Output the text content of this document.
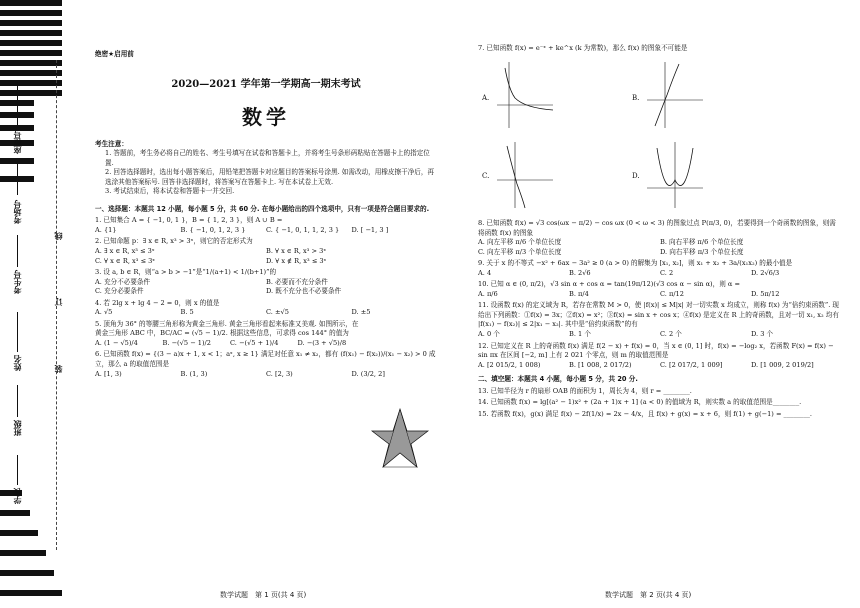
座位号
考场号
考生号
姓名
班级
学校
线
订
装
绝密★启用前
2020—2021 学年第一学期高一期末考试
数学
考生注意：
1. 答题前，考生务必将自己的姓名、考生号填写在试卷和答题卡上，并将考生号条形码粘贴在答题卡上的指定位置.
2. 回答选择题时，选出每小题答案后，用铅笔把答题卡对应题目的答案标号涂黑. 如需改动，用橡皮擦干净后，再选涂其他答案标号. 回答非选择题时，将答案写在答题卡上. 写在本试卷上无效.
3. 考试结束后，将本试卷和答题卡一并交回.
一、选择题：本题共 12 小题，每小题 5 分，共 60 分. 在每小题给出的四个选项中，只有一项是符合题目要求的.
1. 已知集合 A = { −1, 0, 1 }，B = { 1, 2, 3 }，则 A ∪ B =
A. {1}	B. { −1, 0, 1, 2, 3 }	C. { −1, 0, 1, 1, 2, 3 }	D. [ −1, 3 ]
2. 已知命题 p：∃ x ∈ R, x³ > 3ˣ，则它的否定形式为
A. ∃ x ∈ R, x³ ≤ 3ˣ	B. ∀ x ∈ R, x³ > 3ˣ
C. ∀ x ∈ R, x³ ≤ 3ˣ	D. ∀ x ∉ R, x³ ≤ 3ˣ
3. 设 a, b ∈ R，则“a > b > −1”是“1/(a+1) < 1/(b+1)”的
A. 充分不必要条件	B. 必要而不充分条件
C. 充分必要条件	D. 既不充分也不必要条件
4. 若 2lg x + lg 4 − 2 = 0，则 x 的值是
A. √5	B. 5	C. ±√5	D. ±5
5. 顶角为 36° 的等腰三角形称为黄金三角形. 黄金三角形看起来标准又美观. 如图所示，在黄金三角形 ABC 中，BC/AC = (√5 − 1)/2. 根据这些信息，可求得 cos 144° 的值为
A. (1 − √5)/4	B. −(√5 − 1)/2	C. −(√5 + 1)/4	D. −(3 + √5)/8
6. 已知函数 f(x) = {(3 − a)x + 1, x < 1；aˣ, x ≥ 1} 满足对任意 x₁ ≠ x₂，都有 (f(x₁) − f(x₂))/(x₁ − x₂) > 0 成立，那么 a 的取值范围是
A. [1, 3)	B. (1, 3)	C. [2, 3)	D. (3/2, 2]
7. 已知函数 f(x) = e⁻ˣ + ke^x (k 为常数)，那么 f(x) 的图象不可能是
A.	B.
C.	D.
8. 已知函数 f(x) = √3 cos(ωx − π/2) − cos ωx (0 < ω < 3) 的图象过点 P(π/3, 0)，若要得到一个奇函数的图象，则需将函数 f(x) 的图象
A. 向左平移 π/6 个单位长度	B. 向右平移 π/6 个单位长度
C. 向左平移 π/3 个单位长度	D. 向右平移 π/3 个单位长度
9. 关于 x 的不等式 −x² + 6ax − 3a² ≥ 0 (a > 0) 的解集为 [x₁, x₂]，则 x₁ + x₂ + 3a/(x₁x₂) 的最小值是
A. 4	B. 2√6	C. 2	D. 2√6/3
10. 已知 α ∈ (0, π/2)，√3 sin α + cos α = tan(19π/12)(√3 cos α − sin α)，则 α =
A. π/6	B. π/4	C. π/12	D. 5π/12
11. 设函数 f(x) 的定义域为 R，若存在常数 M > 0，使 |f(x)| ≤ M|x| 对一切实数 x 均成立，则称 f(x) 为“倍约束函数”. 现给出下列函数：①f(x) = 3x；②f(x) = x²；③f(x) = sin x + cos x；④f(x) 是定义在 R 上的奇函数，且对一切 x₁, x₂ 均有 |f(x₁) − f(x₂)| ≤ 2|x₁ − x₂|. 其中是“倍约束函数”的有
A. 0 个	B. 1 个	C. 2 个	D. 3 个
12. 已知定义在 R 上的奇函数 f(x) 满足 f(2 − x) + f(x) = 0，当 x ∈ (0, 1] 时，f(x) = −log₂ x，若函数 F(x) = f(x) − sin πx 在区间 [−2, m] 上有 2 021 个零点，则 m 的取值范围是
A. [2 015/2, 1 008)	B. [1 008, 2 017/2)	C. [2 017/2, 1 009]	D. [1 009, 2 019/2]
二、填空题：本题共 4 小题，每小题 5 分，共 20 分.
13. 已知半径为 r 的扇形 OAB 的面积为 1，周长为 4，则 r = ________.
14. 已知函数 f(x) = lg[(a² − 1)x² + (2a + 1)x + 1] (a < 0) 的值域为 R，则实数 a 的取值范围是________.
15. 若函数 f(x)，g(x) 满足 f(x) − 2f(1/x) = 2x − 4/x，且 f(x) + g(x) = x + 6，则 f(1) + g(−1) = ________.
数学试题　第 1 页(共 4 页)	数学试题　第 2 页(共 4 页)
